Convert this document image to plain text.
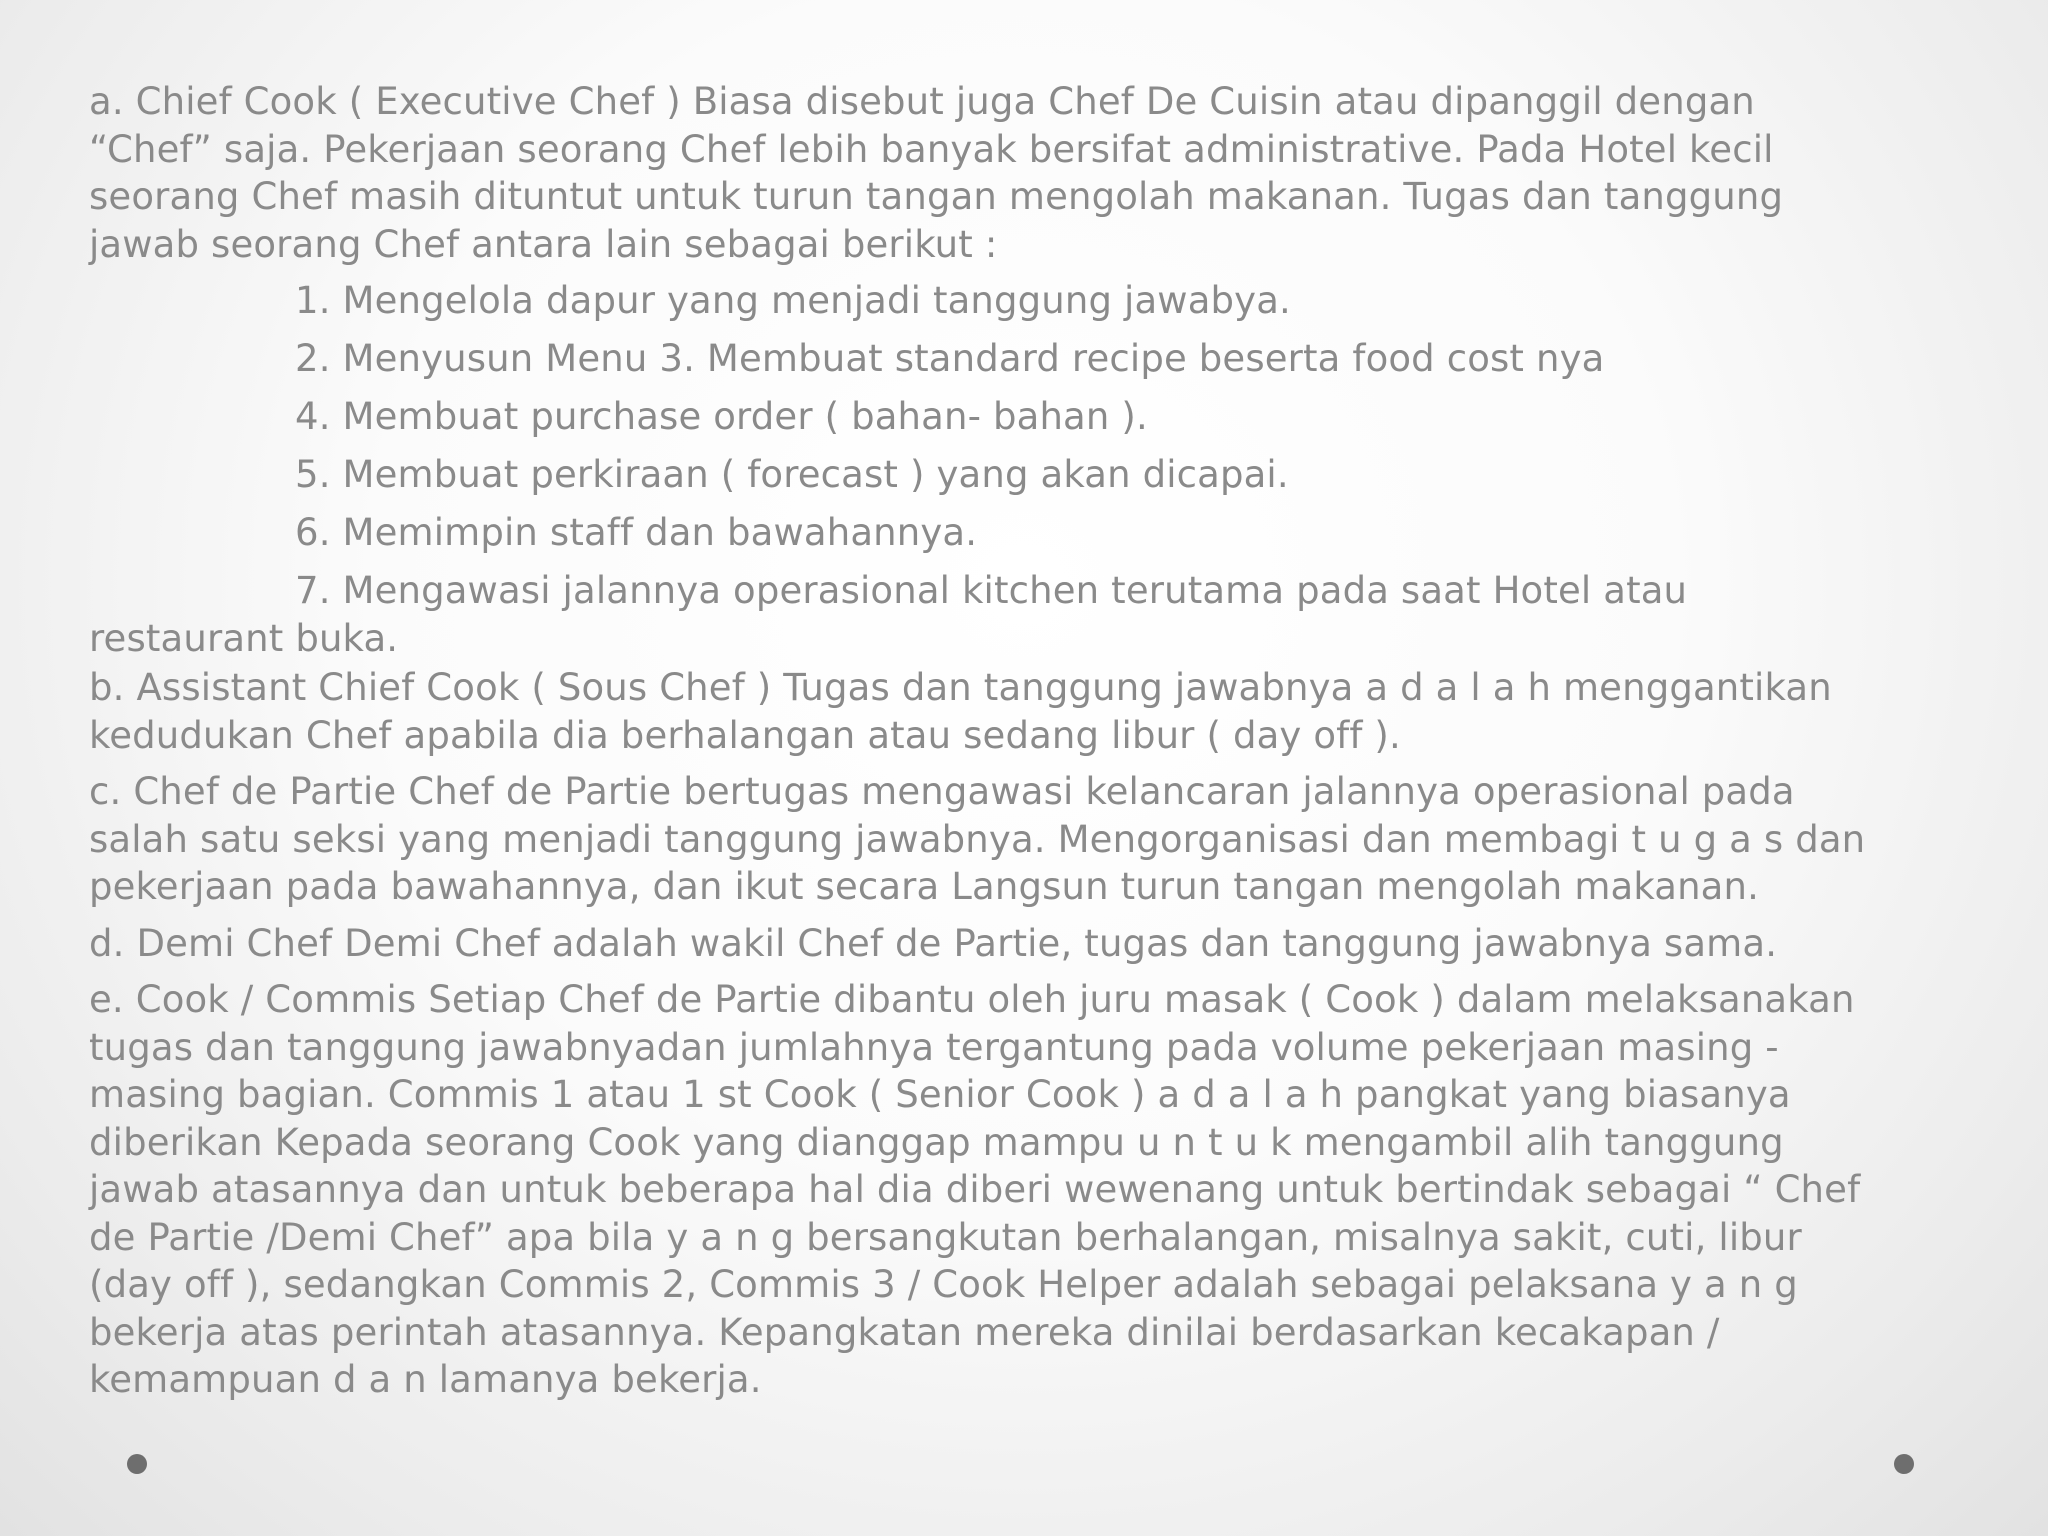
a. Chief Cook ( Executive Chef ) Biasa disebut juga Chef De Cuisin atau dipanggil dengan “Chef” saja. Pekerjaan seorang Chef lebih banyak bersifat administrative. Pada Hotel kecil seorang Chef masih dituntut untuk turun tangan mengolah makanan. Tugas dan tanggung jawab seorang Chef antara lain sebagai berikut :
1. Mengelola dapur yang menjadi tanggung jawabya.
2. Menyusun Menu 3. Membuat standard recipe beserta food cost nya
4. Membuat purchase order ( bahan- bahan ).
5. Membuat perkiraan ( forecast ) yang akan dicapai.
6. Memimpin staff dan bawahannya.
7. Mengawasi jalannya operasional kitchen terutama pada saat Hotel atau restaurant buka.
b. Assistant Chief Cook ( Sous Chef ) Tugas dan tanggung jawabnya a d a l a h menggantikan kedudukan Chef apabila dia berhalangan atau sedang libur ( day off ).
c. Chef de Partie Chef de Partie bertugas mengawasi kelancaran jalannya operasional pada salah satu seksi yang menjadi tanggung jawabnya. Mengorganisasi dan membagi t u g a s dan pekerjaan pada bawahannya, dan ikut secara Langsun turun tangan mengolah makanan.
d. Demi Chef Demi Chef adalah wakil Chef de Partie, tugas dan tanggung jawabnya sama.
e. Cook / Commis Setiap Chef de Partie dibantu oleh juru masak ( Cook ) dalam melaksanakan tugas dan tanggung jawabnyadan jumlahnya tergantung pada volume pekerjaan masing - masing bagian. Commis 1 atau 1 st Cook ( Senior Cook ) a d a l a h pangkat yang biasanya diberikan Kepada seorang Cook yang dianggap mampu u n t u k mengambil alih tanggung jawab atasannya dan untuk beberapa hal dia diberi wewenang untuk bertindak sebagai “ Chef de Partie /Demi Chef” apa bila y a n g bersangkutan berhalangan, misalnya sakit, cuti, libur (day off ), sedangkan Commis 2, Commis 3 / Cook Helper adalah sebagai pelaksana y a n g bekerja atas perintah atasannya. Kepangkatan mereka dinilai berdasarkan kecakapan / kemampuan d a n lamanya bekerja.
